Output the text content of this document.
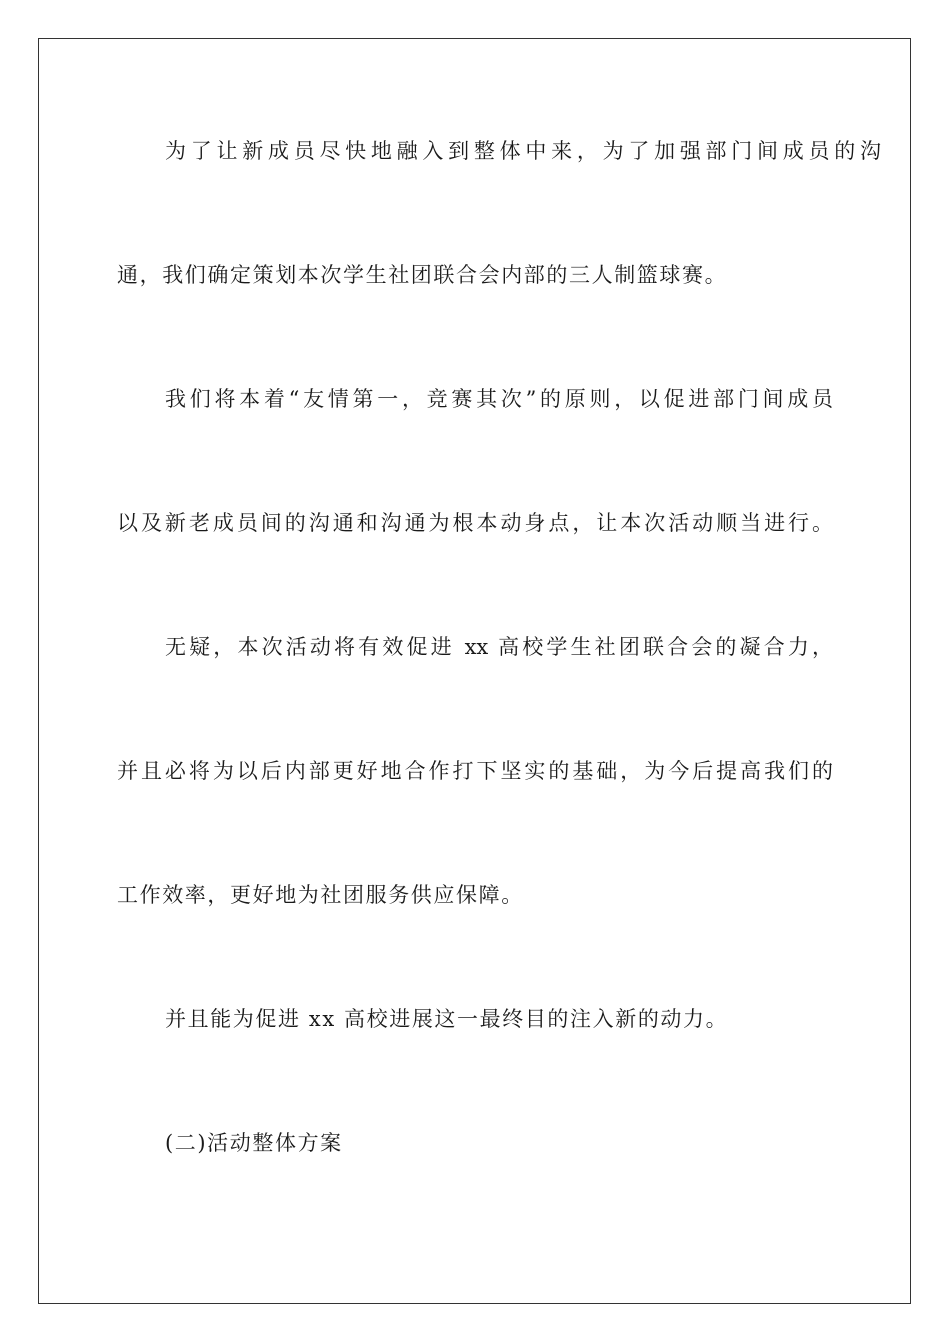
为了让新成员尽快地融入到整体中来，为了加强部门间成员的沟
通，我们确定策划本次学生社团联合会内部的三人制篮球赛。
我们将本着“友情第一，竞赛其次”的原则，以促进部门间成员
以及新老成员间的沟通和沟通为根本动身点，让本次活动顺当进行。
无疑，本次活动将有效促进 xx 高校学生社团联合会的凝合力，
并且必将为以后内部更好地合作打下坚实的基础，为今后提高我们的
工作效率，更好地为社团服务供应保障。
并且能为促进 xx 高校进展这一最终目的注入新的动力。
(二)活动整体方案
